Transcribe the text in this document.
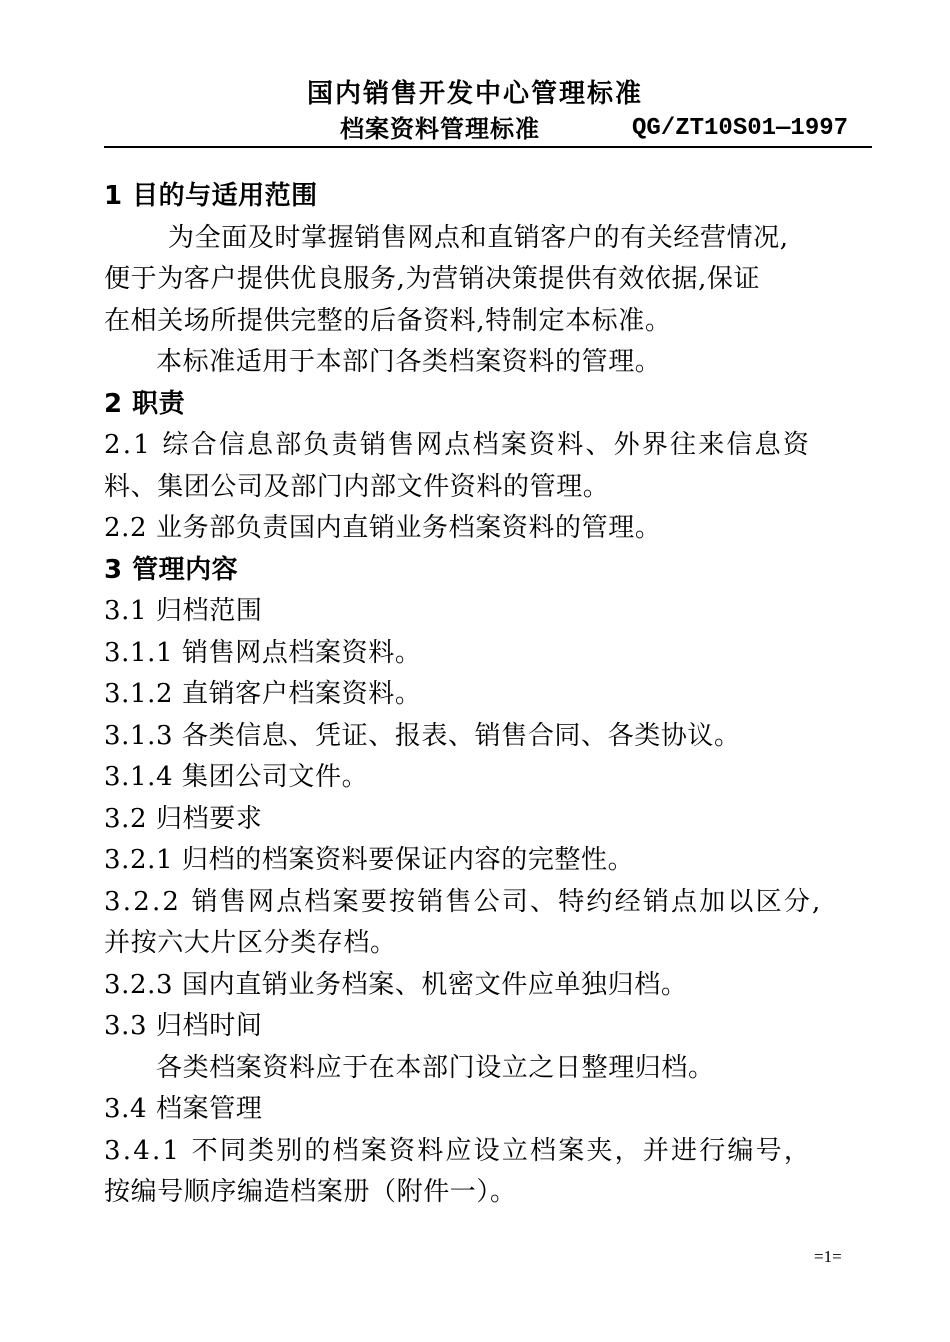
国内销售开发中心管理标准
档案资料管理标准	QG/ZT10S01—1997
1 目的与适用范围
为全面及时掌握销售网点和直销客户的有关经营情况,
便于为客户提供优良服务,为营销决策提供有效依据,保证
在相关场所提供完整的后备资料,特制定本标准。
本标准适用于本部门各类档案资料的管理。
2 职责
2.1 综合信息部负责销售网点档案资料、外界往来信息资
料、集团公司及部门内部文件资料的管理。
2.2 业务部负责国内直销业务档案资料的管理。
3 管理内容
3.1 归档范围
3.1.1 销售网点档案资料。
3.1.2 直销客户档案资料。
3.1.3 各类信息、凭证、报表、销售合同、各类协议。
3.1.4 集团公司文件。
3.2 归档要求
3.2.1 归档的档案资料要保证内容的完整性。
3.2.2 销售网点档案要按销售公司、特约经销点加以区分,
并按六大片区分类存档。
3.2.3 国内直销业务档案、机密文件应单独归档。
3.3 归档时间
各类档案资料应于在本部门设立之日整理归档。
3.4 档案管理
3.4.1 不同类别的档案资料应设立档案夹，并进行编号，
按编号顺序编造档案册（附件一）。
=1=
